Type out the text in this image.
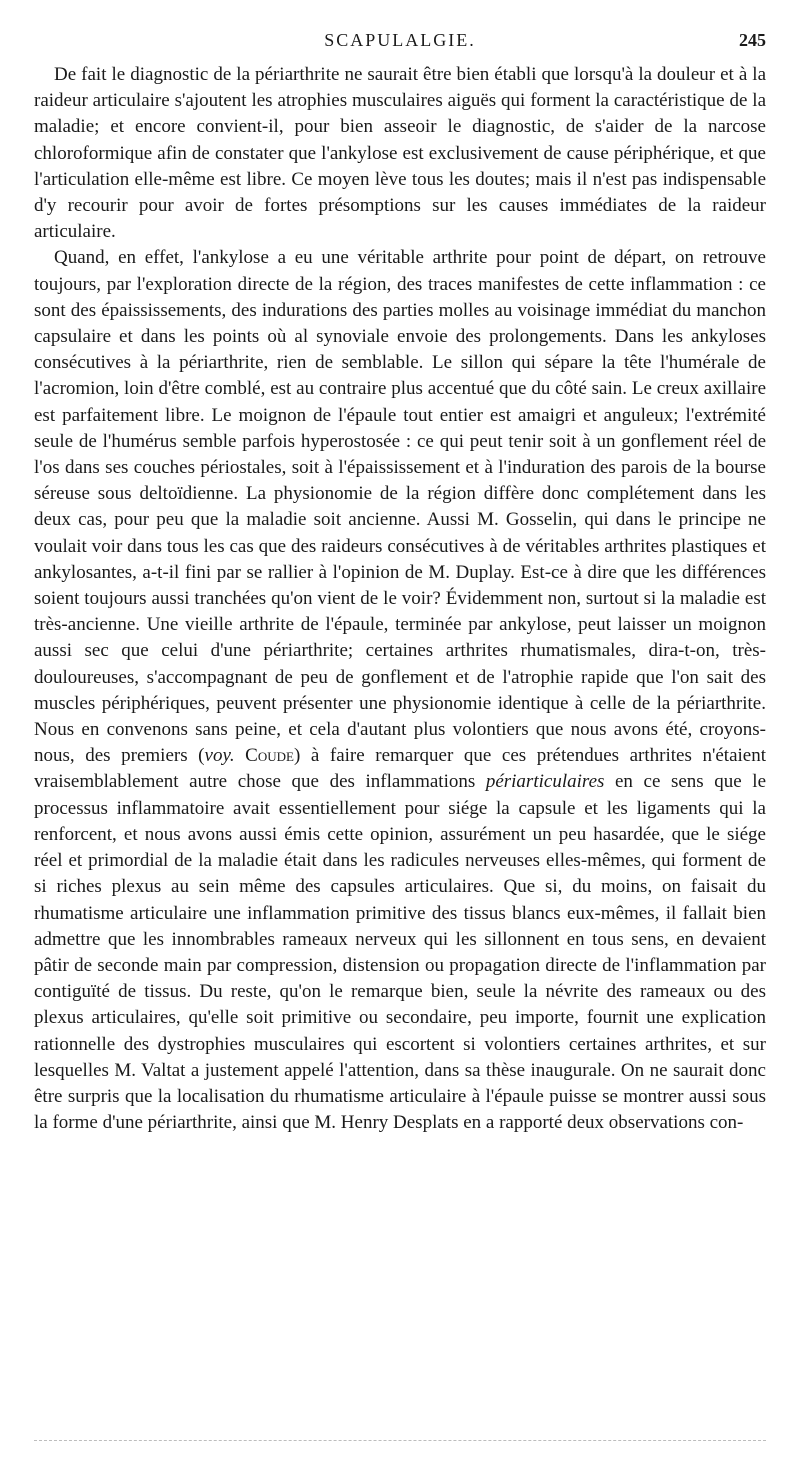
SCAPULALGIE.	245

De fait le diagnostic de la périarthrite ne saurait être bien établi que lorsqu'à la douleur et à la raideur articulaire s'ajoutent les atrophies musculaires aiguës qui forment la caractéristique de la maladie; et encore convient-il, pour bien asseoir le diagnostic, de s'aider de la narcose chloroformique afin de constater que l'ankylose est exclusivement de cause périphérique, et que l'articulation elle-même est libre. Ce moyen lève tous les doutes; mais il n'est pas indispensable d'y recourir pour avoir de fortes présomptions sur les causes immédiates de la raideur articulaire.

Quand, en effet, l'ankylose a eu une véritable arthrite pour point de départ, on retrouve toujours, par l'exploration directe de la région, des traces manifestes de cette inflammation : ce sont des épaississements, des indurations des parties molles au voisinage immédiat du manchon capsulaire et dans les points où al synoviale envoie des prolongements. Dans les ankyloses consécutives à la périarthrite, rien de semblable. Le sillon qui sépare la tête l'humérale de l'acromion, loin d'être comblé, est au contraire plus accentué que du côté sain. Le creux axillaire est parfaitement libre. Le moignon de l'épaule tout entier est amaigri et anguleux; l'extrémité seule de l'humérus semble parfois hyperostosée : ce qui peut tenir soit à un gonflement réel de l'os dans ses couches périostales, soit à l'épaississement et à l'induration des parois de la bourse séreuse sous deltoïdienne. La physionomie de la région diffère donc complétement dans les deux cas, pour peu que la maladie soit ancienne. Aussi M. Gosselin, qui dans le principe ne voulait voir dans tous les cas que des raideurs consécutives à de véritables arthrites plastiques et ankylosantes, a-t-il fini par se rallier à l'opinion de M. Duplay. Est-ce à dire que les différences soient toujours aussi tranchées qu'on vient de le voir? Évidemment non, surtout si la maladie est très-ancienne. Une vieille arthrite de l'épaule, terminée par ankylose, peut laisser un moignon aussi sec que celui d'une périarthrite; certaines arthrites rhumatismales, dira-t-on, très-douloureuses, s'accompagnant de peu de gonflement et de l'atrophie rapide que l'on sait des muscles périphériques, peuvent présenter une physionomie identique à celle de la périarthrite. Nous en convenons sans peine, et cela d'autant plus volontiers que nous avons été, croyons-nous, des premiers (voy. Coude) à faire remarquer que ces prétendues arthrites n'étaient vraisemblablement autre chose que des inflammations périarticulaires en ce sens que le processus inflammatoire avait essentiellement pour siége la capsule et les ligaments qui la renforcent, et nous avons aussi émis cette opinion, assurément un peu hasardée, que le siége réel et primordial de la maladie était dans les radicules nerveuses elles-mêmes, qui forment de si riches plexus au sein même des capsules articulaires. Que si, du moins, on faisait du rhumatisme articulaire une inflammation primitive des tissus blancs eux-mêmes, il fallait bien admettre que les innombrables rameaux nerveux qui les sillonnent en tous sens, en devaient pâtir de seconde main par compression, distension ou propagation directe de l'inflammation par contiguïté de tissus. Du reste, qu'on le remarque bien, seule la névrite des rameaux ou des plexus articulaires, qu'elle soit primitive ou secondaire, peu importe, fournit une explication rationnelle des dystrophies musculaires qui escortent si volontiers certaines arthrites, et sur lesquelles M. Valtat a justement appelé l'attention, dans sa thèse inaugurale. On ne saurait donc être surpris que la localisation du rhumatisme articulaire à l'épaule puisse se montrer aussi sous la forme d'une périarthrite, ainsi que M. Henry Desplats en a rapporté deux observations con-
